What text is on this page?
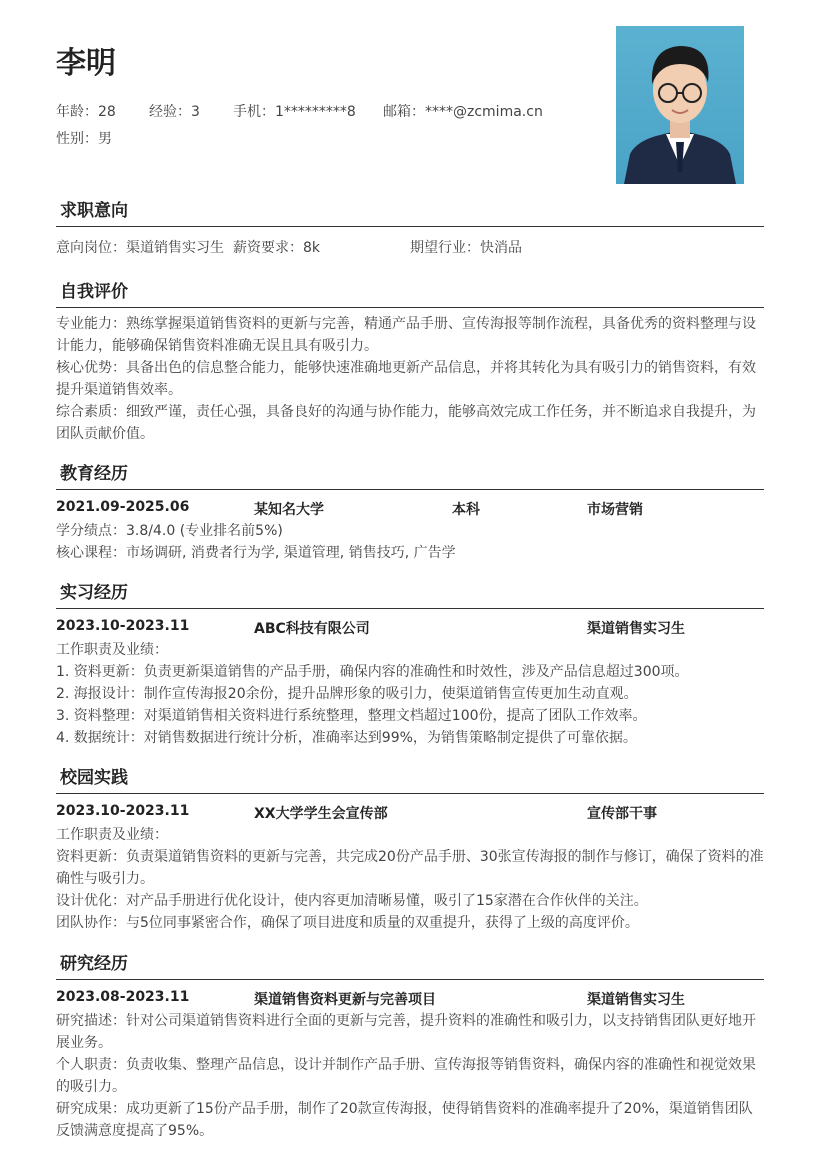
李明
年龄：28 经验：3 手机：1*********8 邮箱：****@zcmima.cn
性别：男
求职意向
意向岗位：渠道销售实习生 薪资要求：8k	期望行业：快消品
自我评价
专业能力：熟练掌握渠道销售资料的更新与完善，精通产品手册、宣传海报等制作流程，具备优秀的资料整理与设计能力，能够确保销售资料准确无误且具有吸引力。
核心优势：具备出色的信息整合能力，能够快速准确地更新产品信息，并将其转化为具有吸引力的销售资料，有效提升渠道销售效率。
综合素质：细致严谨，责任心强，具备良好的沟通与协作能力，能够高效完成工作任务，并不断追求自我提升，为团队贡献价值。
教育经历
2021.09-2025.06	某知名大学	本科	市场营销
学分绩点：3.8/4.0 (专业排名前5%)
核心课程：市场调研, 消费者行为学, 渠道管理, 销售技巧, 广告学
实习经历
2023.10-2023.11	ABC科技有限公司	渠道销售实习生
工作职责及业绩：
1. 资料更新：负责更新渠道销售的产品手册，确保内容的准确性和时效性，涉及产品信息超过300项。
2. 海报设计：制作宣传海报20余份，提升品牌形象的吸引力，使渠道销售宣传更加生动直观。
3. 资料整理：对渠道销售相关资料进行系统整理，整理文档超过100份，提高了团队工作效率。
4. 数据统计：对销售数据进行统计分析，准确率达到99%，为销售策略制定提供了可靠依据。
校园实践
2023.10-2023.11	XX大学学生会宣传部	宣传部干事
工作职责及业绩：
资料更新：负责渠道销售资料的更新与完善，共完成20份产品手册、30张宣传海报的制作与修订，确保了资料的准确性与吸引力。
设计优化：对产品手册进行优化设计，使内容更加清晰易懂，吸引了15家潜在合作伙伴的关注。
团队协作：与5位同事紧密合作，确保了项目进度和质量的双重提升，获得了上级的高度评价。
研究经历
2023.08-2023.11	渠道销售资料更新与完善项目	渠道销售实习生
研究描述：针对公司渠道销售资料进行全面的更新与完善，提升资料的准确性和吸引力，以支持销售团队更好地开展业务。
个人职责：负责收集、整理产品信息，设计并制作产品手册、宣传海报等销售资料，确保内容的准确性和视觉效果的吸引力。
研究成果：成功更新了15份产品手册，制作了20款宣传海报，使得销售资料的准确率提升了20%，渠道销售团队反馈满意度提高了95%。
